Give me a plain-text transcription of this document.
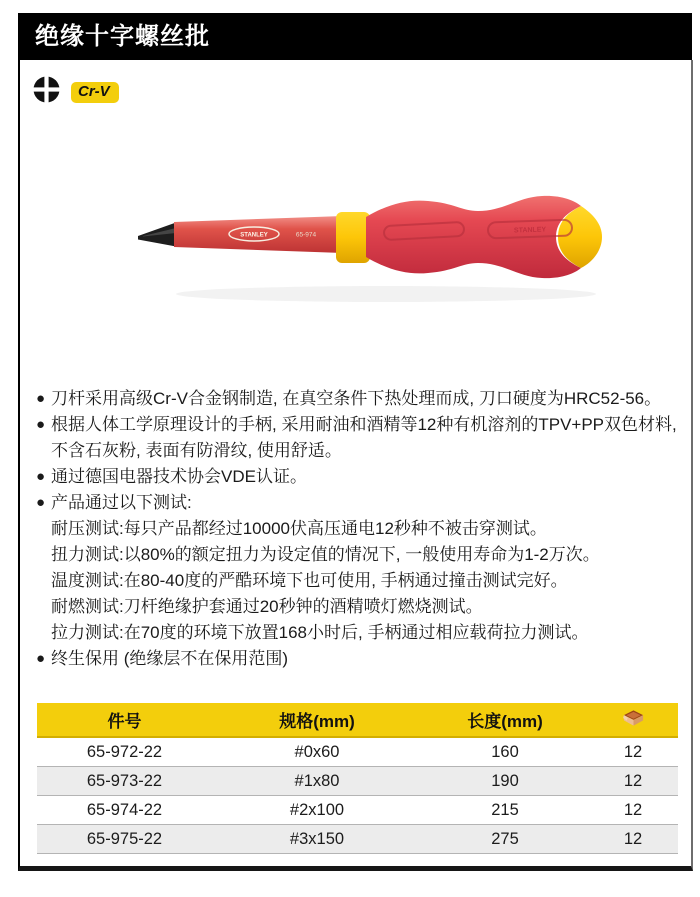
绝缘十字螺丝批
Cr-V
STANLEY	65-974
STANLEY
● 刀杆采用高级Cr-V合金钢制造, 在真空条件下热处理而成, 刀口硬度为HRC52-56。
● 根据人体工学原理设计的手柄, 采用耐油和酒精等12种有机溶剂的TPV+PP双色材料, 不含石灰粉, 表面有防滑纹, 使用舒适。
● 通过德国电器技术协会VDE认证。
● 产品通过以下测试:
耐压测试:每只产品都经过10000伏高压通电12秒种不被击穿测试。
扭力测试:以80%的额定扭力为设定值的情况下, 一般使用寿命为1-2万次。
温度测试:在80-40度的严酷环境下也可使用, 手柄通过撞击测试完好。
耐燃测试:刀杆绝缘护套通过20秒钟的酒精喷灯燃烧测试。
拉力测试:在70度的环境下放置168小时后, 手柄通过相应载荷拉力测试。
● 终生保用 (绝缘层不在保用范围)
件号	规格(mm)	长度(mm)	
65-972-22	#0x60	160	12
65-973-22	#1x80	190	12
65-974-22	#2x100	215	12
65-975-22	#3x150	275	12
